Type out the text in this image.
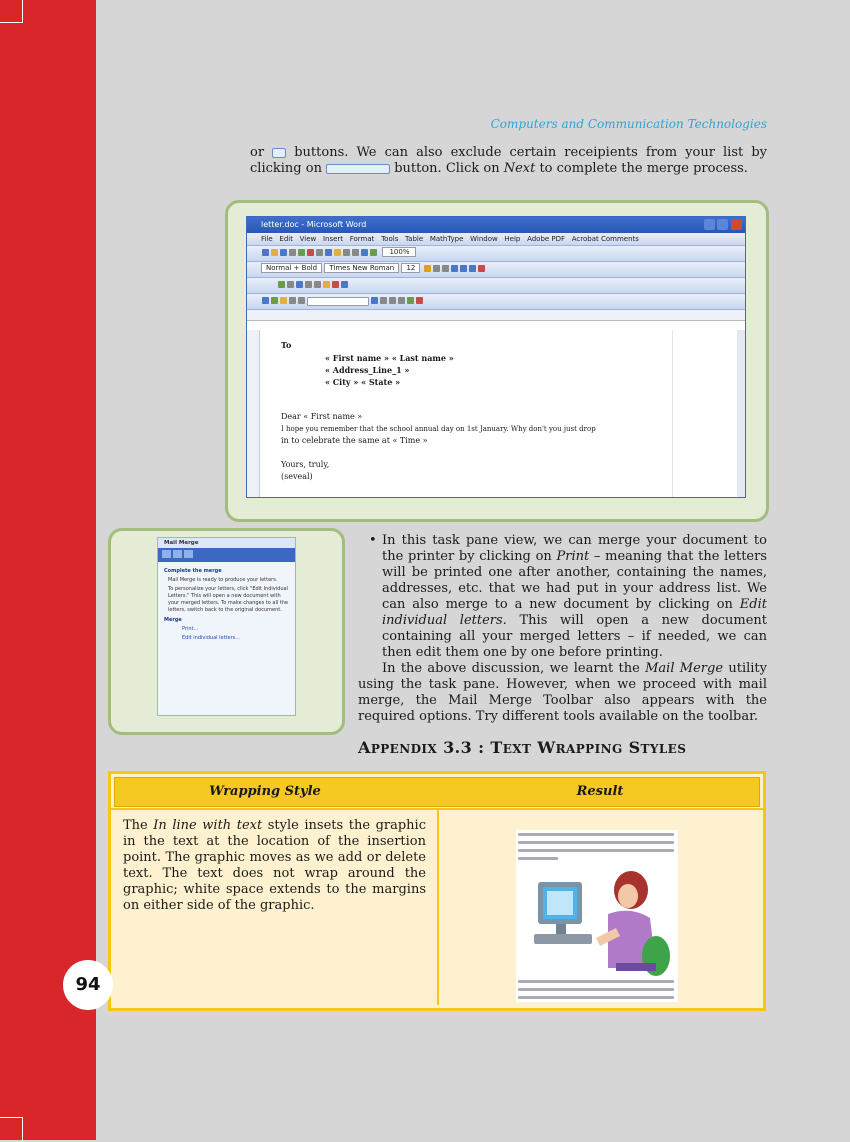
Computers and Communication Technologies
or  buttons. We can also exclude certain receipients from your list by clicking on	button. Click on Next to complete the merge process.
letter.doc - Microsoft Word
File Edit View Insert Format Tools Table MathType Window Help Adobe PDF Acrobat Comments
100%
Normal + Bold Times New Roman 12
To
« First name » « Last name »
« Address_Line_1 »
« City » « State »
Dear « First name »
I hope you remember that the school annual day on 1st January. Why don't you just drop
in to celebrate the same at « Time »
Yours, truly,
(seveal)
Mail Merge
Complete the merge
Mail Merge is ready to produce your letters.
To personalize your letters, click "Edit Individual Letters." This will open a new document with your merged letters. To make changes to all the letters, switch back to the original document.
Merge
Print...
Edit individual letters...
• In this task pane view, we can merge your document to the printer by clicking on Print – meaning that the letters will be printed one after another, containing the names, addresses, etc. that we had put in your address list. We can also merge to a new document by clicking on Edit individual letters. This will open a new document containing all your merged letters – if needed, we can then edit them one by one before printing.
In the above discussion, we learnt the Mail Merge utility using the task pane. However, when we proceed with mail merge, the Mail Merge Toolbar also appears with the required options. Try different tools available on the toolbar.
APPENDIX 3.3 : TEXT WRAPPING STYLES
Wrapping Style	Result
The In line with text style insets the graphic in the text at the location of the insertion point. The graphic moves as we add or delete text. The text does not wrap around the graphic; white space extends to the margins on either side of the graphic.
94
